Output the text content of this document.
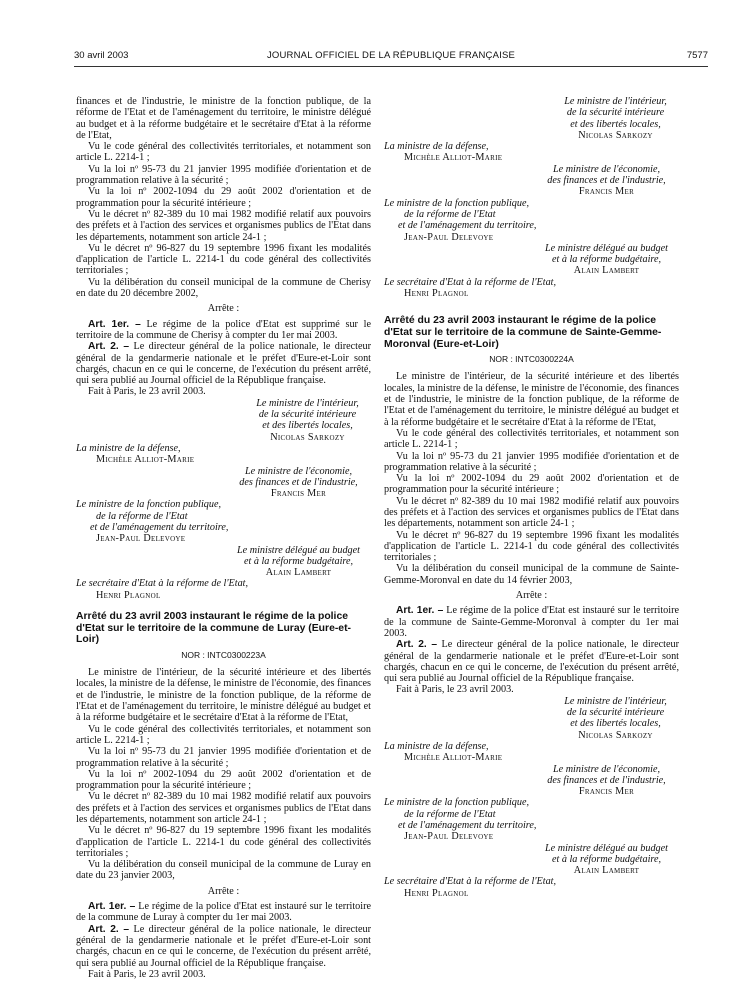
30 avril 2003	JOURNAL OFFICIEL DE LA RÉPUBLIQUE FRANÇAISE	7577

finances et de l'industrie, le ministre de la fonction publique, de la réforme de l'Etat et de l'aménagement du territoire, le ministre délégué au budget et à la réforme budgétaire et le secrétaire d'Etat à la réforme de l'Etat,

Vu le code général des collectivités territoriales, et notamment son article L. 2214-1 ;

Vu la loi nº 95-73 du 21 janvier 1995 modifiée d'orientation et de programmation relative à la sécurité ;

Vu la loi nº 2002-1094 du 29 août 2002 d'orientation et de programmation pour la sécurité intérieure ;

Vu le décret nº 82-389 du 10 mai 1982 modifié relatif aux pouvoirs des préfets et à l'action des services et organismes publics de l'Etat dans les départements, notamment son article 24-1 ;

Vu le décret nº 96-827 du 19 septembre 1996 fixant les modalités d'application de l'article L. 2214-1 du code général des collectivités territoriales ;

Vu la délibération du conseil municipal de la commune de Cherisy en date du 20 décembre 2002,

Arrête :

Art. 1er. – Le régime de la police d'Etat est supprimé sur le territoire de la commune de Cherisy à compter du 1er mai 2003.

Art. 2. – Le directeur général de la police nationale, le directeur général de la gendarmerie nationale et le préfet d'Eure-et-Loir sont chargés, chacun en ce qui le concerne, de l'exécution du présent arrêté, qui sera publié au Journal officiel de la République française.

Fait à Paris, le 23 avril 2003.

Le ministre de l'intérieur,

de la sécurité intérieure

et des libertés locales,

Nicolas Sarkozy

La ministre de la défense,

Michèle Alliot-Marie

Le ministre de l'économie,

des finances et de l'industrie,

Francis Mer

Le ministre de la fonction publique,

de la réforme de l'Etat

et de l'aménagement du territoire,

Jean-Paul Delevoye

Le ministre délégué au budget

et à la réforme budgétaire,

Alain Lambert

Le secrétaire d'Etat à la réforme de l'Etat,

Henri Plagnol

Arrêté du 23 avril 2003 instaurant le régime de la police d'Etat sur le territoire de la commune de Luray (Eure-et-Loir)

NOR : INTC0300223A

Le ministre de l'intérieur, de la sécurité intérieure et des libertés locales, la ministre de la défense, le ministre de l'économie, des finances et de l'industrie, le ministre de la fonction publique, de la réforme de l'Etat et de l'aménagement du territoire, le ministre délégué au budget et à la réforme budgétaire et le secrétaire d'Etat à la réforme de l'Etat,

Vu le code général des collectivités territoriales, et notamment son article L. 2214-1 ;

Vu la loi nº 95-73 du 21 janvier 1995 modifiée d'orientation et de programmation relative à la sécurité ;

Vu la loi nº 2002-1094 du 29 août 2002 d'orientation et de programmation pour la sécurité intérieure ;

Vu le décret nº 82-389 du 10 mai 1982 modifié relatif aux pouvoirs des préfets et à l'action des services et organismes publics de l'Etat dans les départements, notamment son article 24-1 ;

Vu le décret nº 96-827 du 19 septembre 1996 fixant les modalités d'application de l'article L. 2214-1 du code général des collectivités territoriales ;

Vu la délibération du conseil municipal de la commune de Luray en date du 23 janvier 2003,

Arrête :

Art. 1er. – Le régime de la police d'Etat est instauré sur le territoire de la commune de Luray à compter du 1er mai 2003.

Art. 2. – Le directeur général de la police nationale, le directeur général de la gendarmerie nationale et le préfet d'Eure-et-Loir sont chargés, chacun en ce qui le concerne, de l'exécution du présent arrêté, qui sera publié au Journal officiel de la République française.

Fait à Paris, le 23 avril 2003.

Le ministre de l'intérieur,

de la sécurité intérieure

et des libertés locales,

Nicolas Sarkozy

La ministre de la défense,

Michèle Alliot-Marie

Le ministre de l'économie,

des finances et de l'industrie,

Francis Mer

Le ministre de la fonction publique,

de la réforme de l'Etat

et de l'aménagement du territoire,

Jean-Paul Delevoye

Le ministre délégué au budget

et à la réforme budgétaire,

Alain Lambert

Le secrétaire d'Etat à la réforme de l'Etat,

Henri Plagnol

Arrêté du 23 avril 2003 instaurant le régime de la police d'Etat sur le territoire de la commune de Sainte-Gemme-Moronval (Eure-et-Loir)

NOR : INTC0300224A

Le ministre de l'intérieur, de la sécurité intérieure et des libertés locales, la ministre de la défense, le ministre de l'économie, des finances et de l'industrie, le ministre de la fonction publique, de la réforme de l'Etat et de l'aménagement du territoire, le ministre délégué au budget et à la réforme budgétaire et le secrétaire d'Etat à la réforme de l'Etat,

Vu le code général des collectivités territoriales, et notamment son article L. 2214-1 ;

Vu la loi nº 95-73 du 21 janvier 1995 modifiée d'orientation et de programmation relative à la sécurité ;

Vu la loi nº 2002-1094 du 29 août 2002 d'orientation et de programmation pour la sécurité intérieure ;

Vu le décret nº 82-389 du 10 mai 1982 modifié relatif aux pouvoirs des préfets et à l'action des services et organismes publics de l'Etat dans les départements, notamment son article 24-1 ;

Vu le décret nº 96-827 du 19 septembre 1996 fixant les modalités d'application de l'article L. 2214-1 du code général des collectivités territoriales ;

Vu la délibération du conseil municipal de la commune de Sainte-Gemme-Moronval en date du 14 février 2003,

Arrête :

Art. 1er. – Le régime de la police d'Etat est instauré sur le territoire de la commune de Sainte-Gemme-Moronval à compter du 1er mai 2003.

Art. 2. – Le directeur général de la police nationale, le directeur général de la gendarmerie nationale et le préfet d'Eure-et-Loir sont chargés, chacun en ce qui le concerne, de l'exécution du présent arrêté, qui sera publié au Journal officiel de la République française.

Fait à Paris, le 23 avril 2003.

Le ministre de l'intérieur,

de la sécurité intérieure

et des libertés locales,

Nicolas Sarkozy

La ministre de la défense,

Michèle Alliot-Marie

Le ministre de l'économie,

des finances et de l'industrie,

Francis Mer

Le ministre de la fonction publique,

de la réforme de l'Etat

et de l'aménagement du territoire,

Jean-Paul Delevoye

Le ministre délégué au budget

et à la réforme budgétaire,

Alain Lambert

Le secrétaire d'Etat à la réforme de l'Etat,

Henri Plagnol
